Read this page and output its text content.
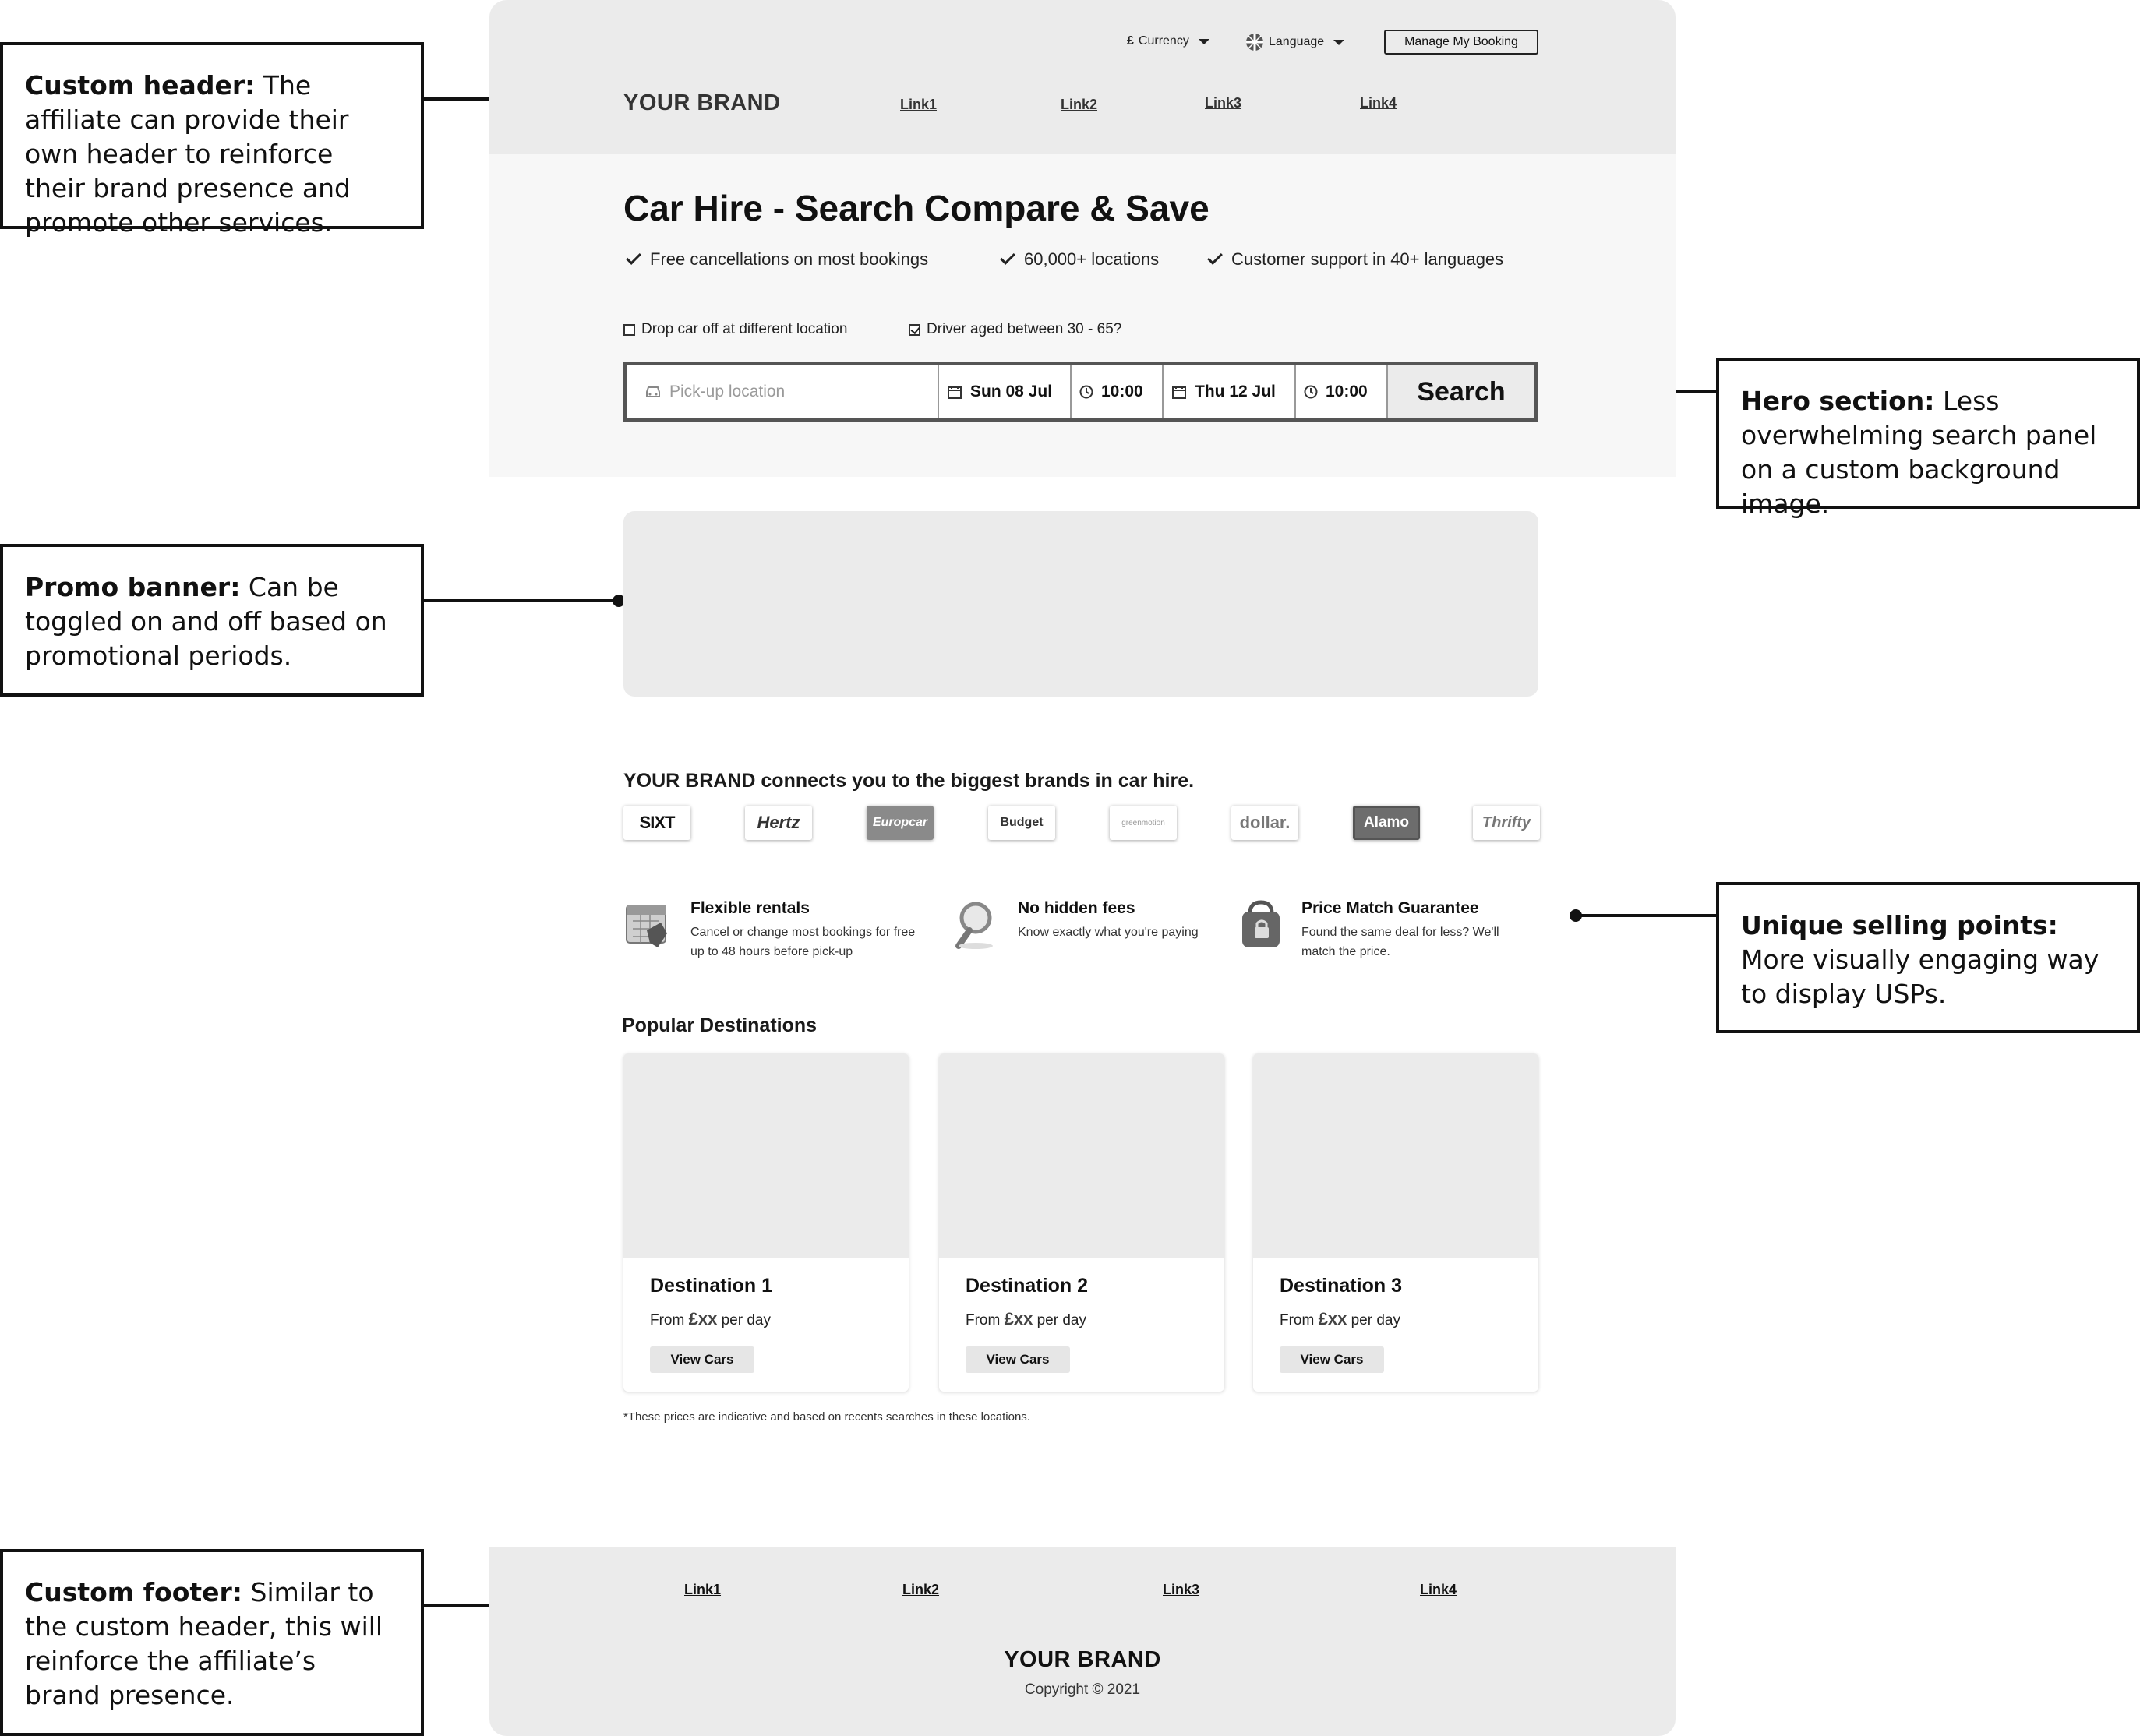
Custom header: The affiliate can provide their own header to reinforce their brand presence and promote other services.
Hero section: Less overwhelming search panel on a custom background image.
Promo banner: Can be toggled on and off based on promotional periods.
Unique selling points: More visually engaging way to display USPs.
Custom footer: Similar to the custom header, this will reinforce the affiliate’s brand presence.
£ Currency	Language	Manage My Booking
YOUR BRAND	Link1	Link2	Link3	Link4
Car Hire - Search Compare & Save
Free cancellations on most bookings	60,000+ locations	Customer support in 40+ languages
Drop car off at different location	Driver aged between 30 - 65?
Pick-up location	Sun 08 Jul	10:00	Thu 12 Jul	10:00	Search
YOUR BRAND connects you to the biggest brands in car hire.
SIXT	Hertz	Europcar	Budget	greenmotion	dollar.	Alamo	Thrifty
Flexible rentals
Cancel or change most bookings for free up to 48 hours before pick-up
No hidden fees
Know exactly what you're paying
Price Match Guarantee
Found the same deal for less? We'll match the price.
Popular Destinations
Destination 1
From £xx per day
View Cars
Destination 2
From £xx per day
View Cars
Destination 3
From £xx per day
View Cars
*These prices are indicative and based on recents searches in these locations.
Link1	Link2	Link3	Link4
YOUR BRAND
Copyright © 2021
